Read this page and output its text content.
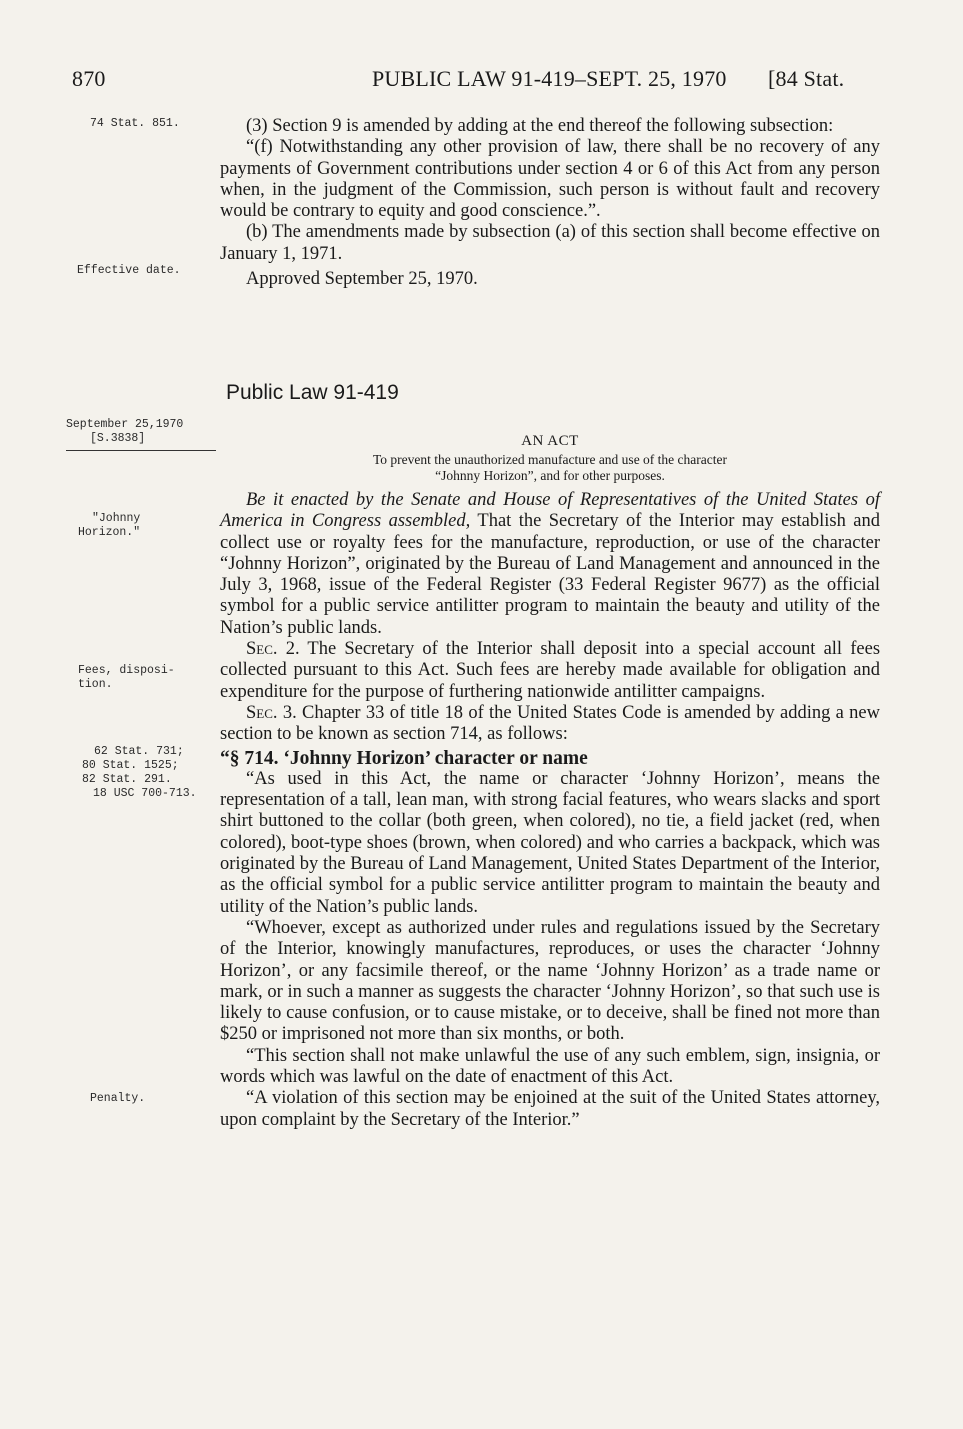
870	PUBLIC LAW 91-419–SEPT. 25, 1970 [84 Stat.
74 Stat. 851.
Effective date.
September 25,1970
[S.3838]
"Johnny
Horizon."
Fees, disposi-
tion.
62 Stat. 731;
80 Stat. 1525;
82 Stat. 291.
18 USC 700-713.
Penalty.

(3) Section 9 is amended by adding at the end thereof the following subsection:

“(f) Notwithstanding any other provision of law, there shall be no recovery of any payments of Government contributions under section 4 or 6 of this Act from any person when, in the judgment of the Commission, such person is without fault and recovery would be contrary to equity and good conscience.”.

(b) The amendments made by subsection (a) of this section shall become effective on January 1, 1971.

Approved September 25, 1970.

Public Law 91-419
AN ACT
To prevent the unauthorized manufacture and use of the character
“Johnny Horizon”, and for other purposes.

Be it enacted by the Senate and House of Representatives of the United States of America in Congress assembled, That the Secretary of the Interior may establish and collect use or royalty fees for the manufacture, reproduction, or use of the character “Johnny Horizon”, originated by the Bureau of Land Management and announced in the July 3, 1968, issue of the Federal Register (33 Federal Register 9677) as the official symbol for a public service antilitter program to maintain the beauty and utility of the Nation’s public lands.

Sec. 2. The Secretary of the Interior shall deposit into a special account all fees collected pursuant to this Act. Such fees are hereby made available for obligation and expenditure for the purpose of furthering nationwide antilitter campaigns.

Sec. 3. Chapter 33 of title 18 of the United States Code is amended by adding a new section to be known as section 714, as follows:

“§ 714. ‘Johnny Horizon’ character or name

“As used in this Act, the name or character ‘Johnny Horizon’, means the representation of a tall, lean man, with strong facial features, who wears slacks and sport shirt buttoned to the collar (both green, when colored), no tie, a field jacket (red, when colored), boot-type shoes (brown, when colored) and who carries a backpack, which was originated by the Bureau of Land Management, United States Department of the Interior, as the official symbol for a public service antilitter program to maintain the beauty and utility of the Nation’s public lands.

“Whoever, except as authorized under rules and regulations issued by the Secretary of the Interior, knowingly manufactures, reproduces, or uses the character ‘Johnny Horizon’, or any facsimile thereof, or the name ‘Johnny Horizon’ as a trade name or mark, or in such a manner as suggests the character ‘Johnny Horizon’, so that such use is likely to cause confusion, or to cause mistake, or to deceive, shall be fined not more than $250 or imprisoned not more than six months, or both.

“This section shall not make unlawful the use of any such emblem, sign, insignia, or words which was lawful on the date of enactment of this Act.

“A violation of this section may be enjoined at the suit of the United States attorney, upon complaint by the Secretary of the Interior.”
